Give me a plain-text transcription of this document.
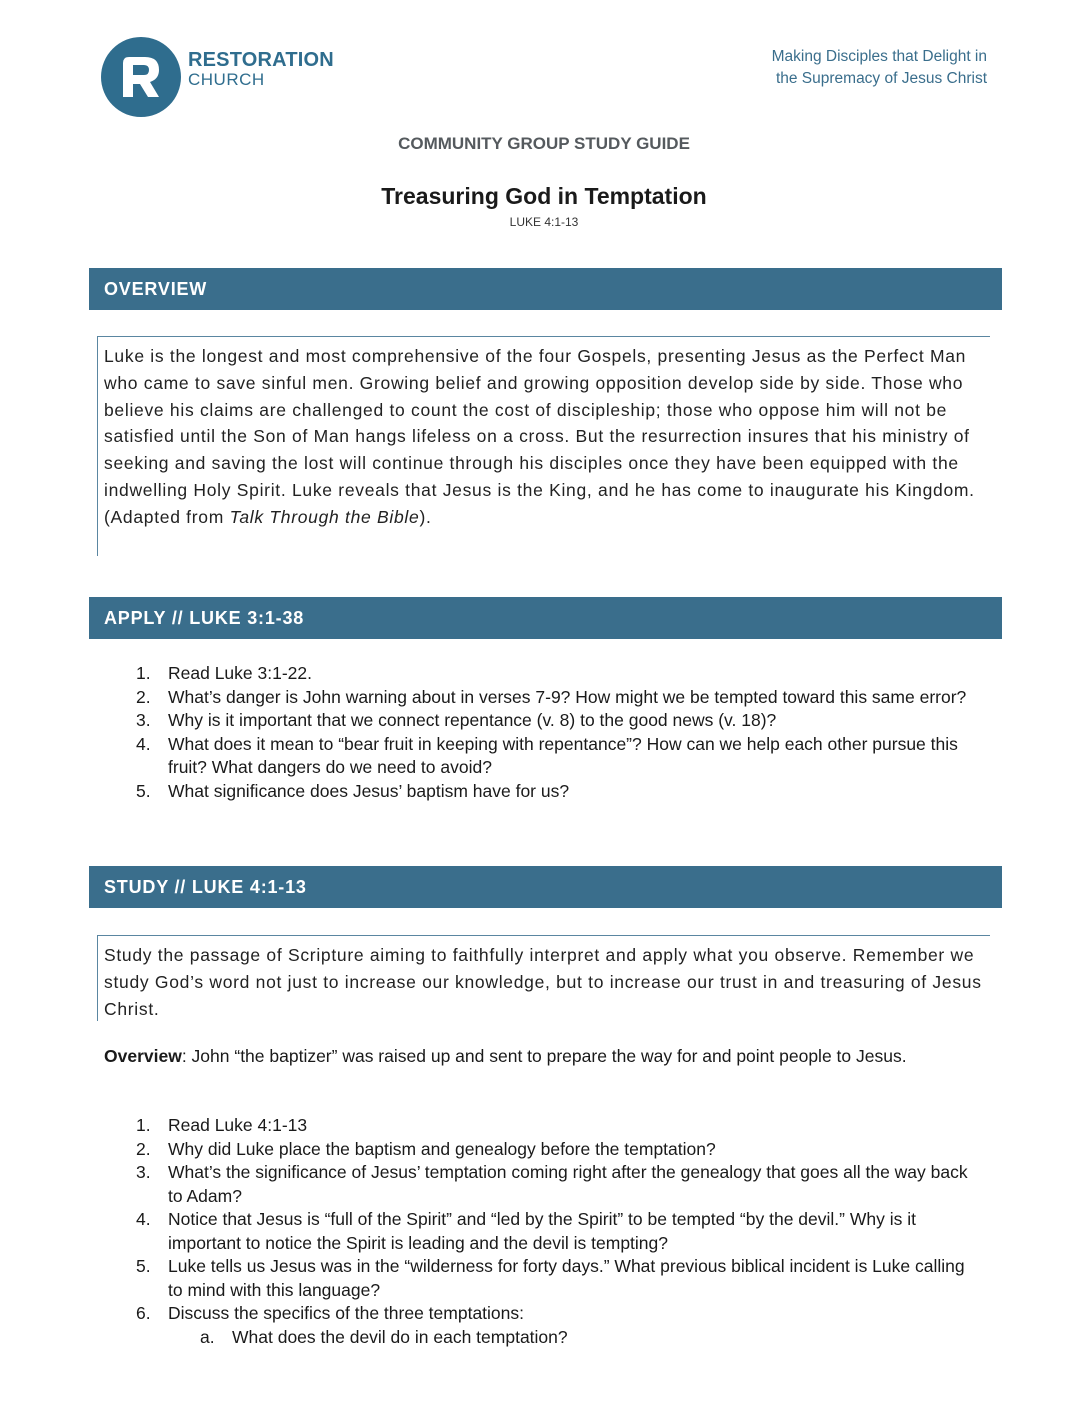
RESTORATION
CHURCH
Making Disciples that Delight in
the Supremacy of Jesus Christ
COMMUNITY GROUP STUDY GUIDE
Treasuring God in Temptation
LUKE 4:1-13
OVERVIEW
Luke is the longest and most comprehensive of the four Gospels, presenting Jesus as the Perfect Man who came to save sinful men. Growing belief and growing opposition develop side by side. Those who believe his claims are challenged to count the cost of discipleship; those who oppose him will not be satisfied until the Son of Man hangs lifeless on a cross. But the resurrection insures that his ministry of seeking and saving the lost will continue through his disciples once they have been equipped with the indwelling Holy Spirit. Luke reveals that Jesus is the King, and he has come to inaugurate his Kingdom. (Adapted from Talk Through the Bible).
APPLY // LUKE 3:1-38
1. Read Luke 3:1-22.
2. What’s danger is John warning about in verses 7-9? How might we be tempted toward this same error?
3. Why is it important that we connect repentance (v. 8) to the good news (v. 18)?
4. What does it mean to “bear fruit in keeping with repentance”? How can we help each other pursue this fruit? What dangers do we need to avoid?
5. What significance does Jesus’ baptism have for us?
STUDY // LUKE 4:1-13
Study the passage of Scripture aiming to faithfully interpret and apply what you observe. Remember we study God’s word not just to increase our knowledge, but to increase our trust in and treasuring of Jesus Christ.
Overview: John “the baptizer” was raised up and sent to prepare the way for and point people to Jesus.
1. Read Luke 4:1-13
2. Why did Luke place the baptism and genealogy before the temptation?
3. What’s the significance of Jesus’ temptation coming right after the genealogy that goes all the way back to Adam?
4. Notice that Jesus is “full of the Spirit” and “led by the Spirit” to be tempted “by the devil.” Why is it important to notice the Spirit is leading and the devil is tempting?
5. Luke tells us Jesus was in the “wilderness for forty days.” What previous biblical incident is Luke calling to mind with this language?
6. Discuss the specifics of the three temptations:
a. What does the devil do in each temptation?
